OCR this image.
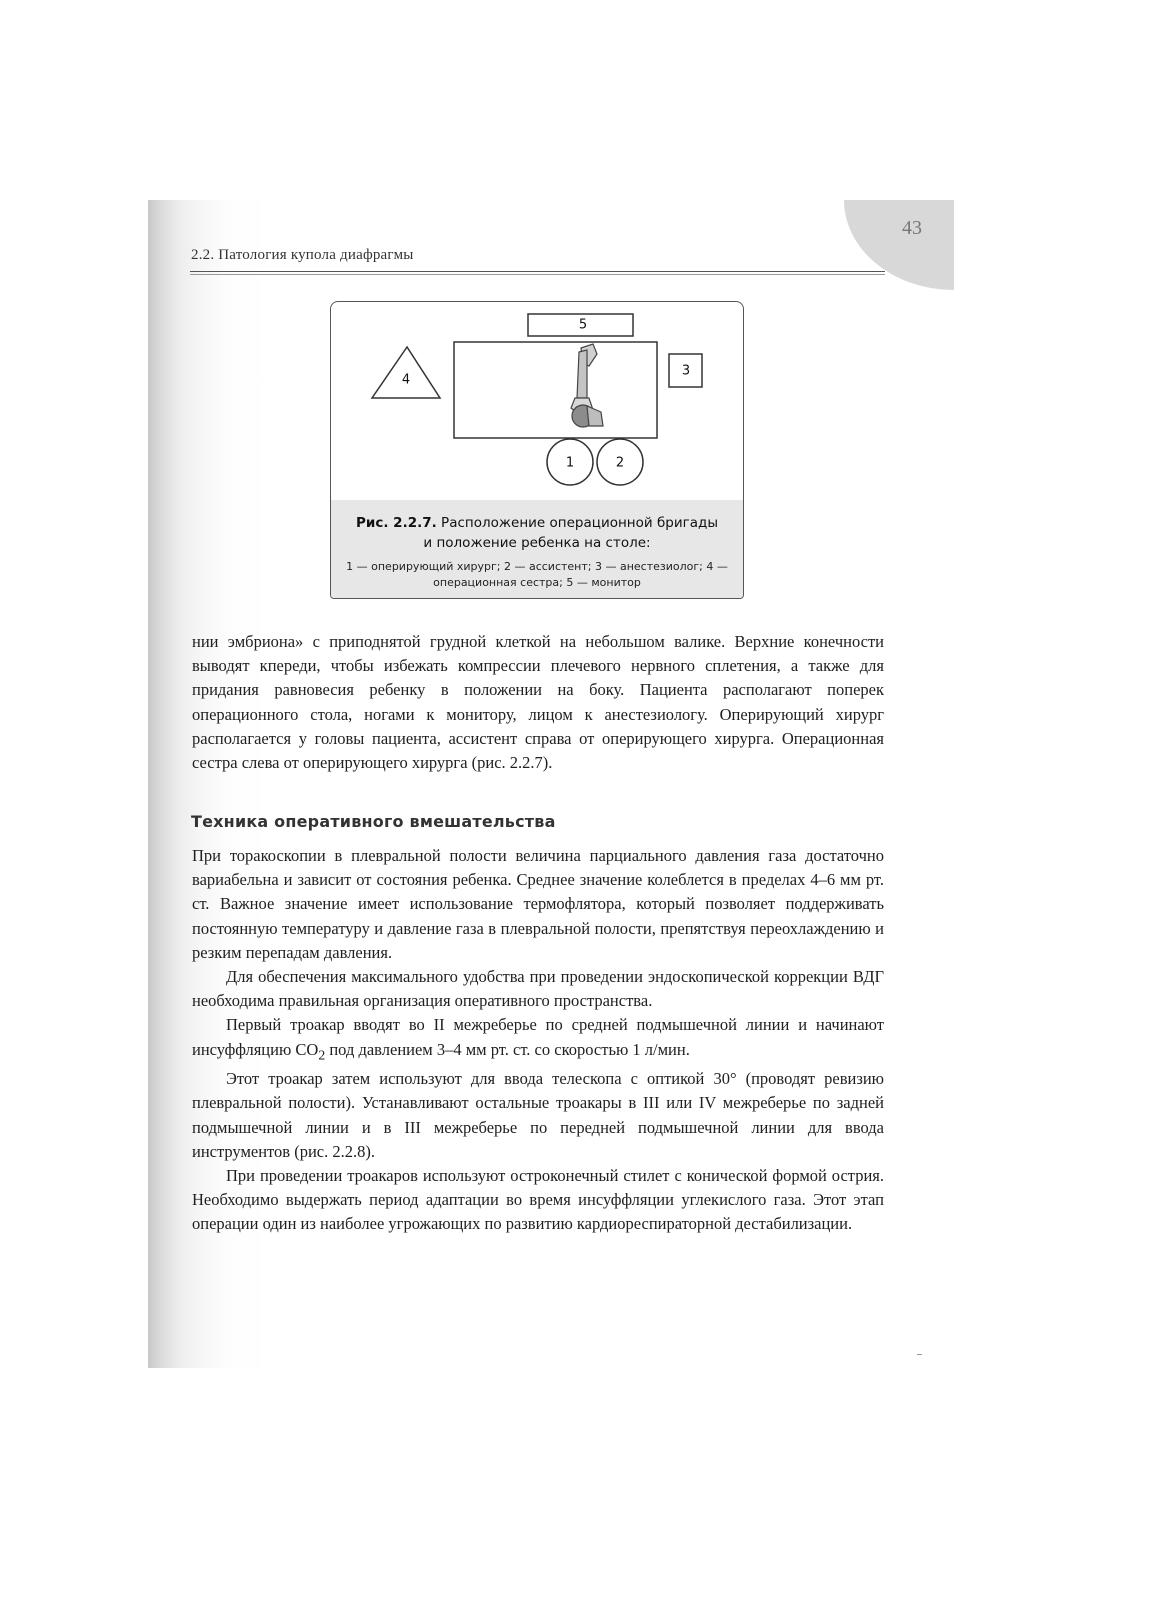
43
2.2. Патология купола диафрагмы
5
4
3
1	2
Рис. 2.2.7. Расположение операционной бригады
и положение ребенка на столе:
1 — оперирующий хирург; 2 — ассистент; 3 — анестезиолог; 4 — операционная сестра; 5 — монитор

нии эмбриона» с приподнятой грудной клеткой на небольшом валике. Верхние конечности выводят кпереди, чтобы избежать компрессии плечевого нервного сплетения, а также для придания равновесия ребенку в положении на боку. Пациента располагают поперек операционного стола, ногами к монитору, лицом к анестезиологу. Оперирующий хирург располагается у головы пациента, ассистент справа от оперирующего хирурга. Операционная сестра слева от оперирующего хирурга (рис. 2.2.7).

Техника оперативного вмешательства

При торакоскопии в плевральной полости величина парциального давления газа достаточно вариабельна и зависит от состояния ребенка. Среднее значение колеблется в пределах 4–6 мм рт. ст. Важное значение имеет использование термофлятора, который позволяет поддерживать постоянную температуру и давление газа в плевральной полости, препятствуя переохлаждению и резким перепадам давления.

Для обеспечения максимального удобства при проведении эндоскопической коррекции ВДГ необходима правильная организация оперативного пространства.

Первый троакар вводят во II межреберье по средней подмышечной линии и начинают инсуффляцию $CO_2$ под давлением 3–4 мм рт. ст. со скоростью 1 л/мин.

Этот троакар затем используют для ввода телескопа с оптикой 30° (проводят ревизию плевральной полости). Устанавливают остальные троакары в III или IV межреберье по задней подмышечной линии и в III межреберье по передней подмышечной линии для ввода инструментов (рис. 2.2.8).

При проведении троакаров используют остроконечный стилет с конической формой острия. Необходимо выдержать период адаптации во время инсуффляции углекислого газа. Этот этап операции один из наиболее угрожающих по развитию кардиореспираторной дестабилизации.
